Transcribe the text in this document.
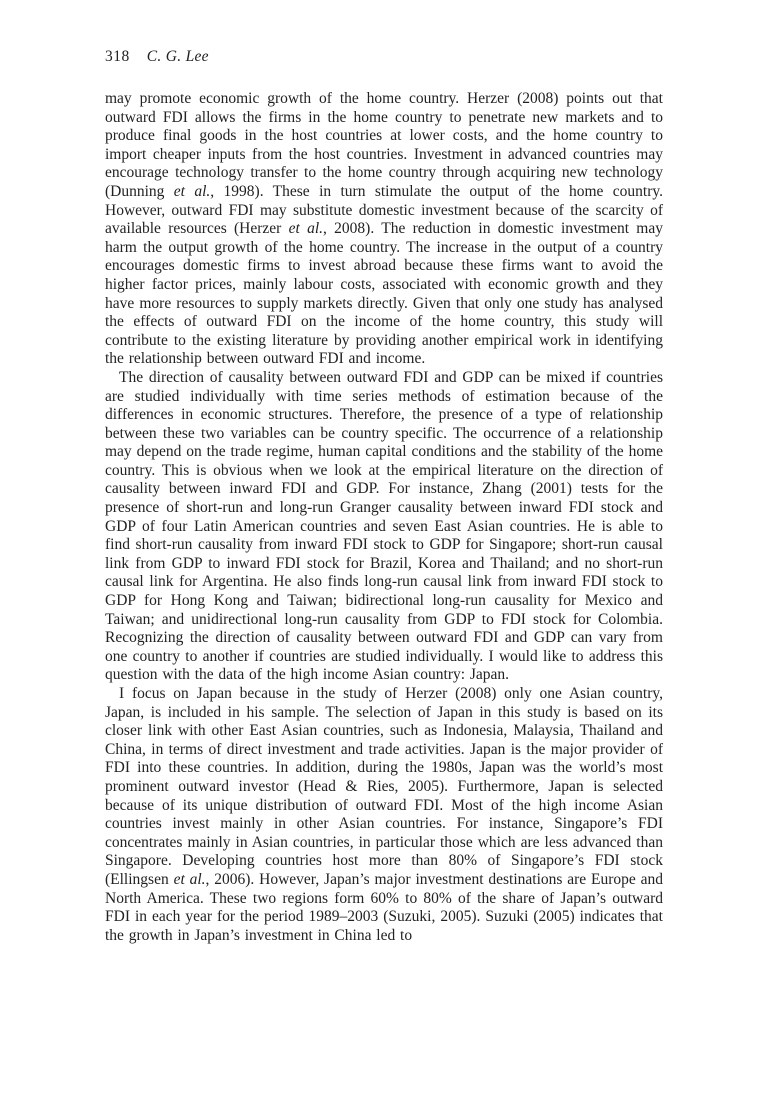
318 C. G. Lee

may promote economic growth of the home country. Herzer (2008) points out that outward FDI allows the firms in the home country to penetrate new markets and to produce final goods in the host countries at lower costs, and the home country to import cheaper inputs from the host countries. Investment in advanced countries may encourage technology transfer to the home country through acquiring new technology (Dunning et al., 1998). These in turn stimulate the output of the home country. However, outward FDI may substitute domestic investment because of the scarcity of available resources (Herzer et al., 2008). The reduction in domestic investment may harm the output growth of the home country. The increase in the output of a country encourages domestic firms to invest abroad because these firms want to avoid the higher factor prices, mainly labour costs, associated with economic growth and they have more resources to supply markets directly. Given that only one study has analysed the effects of outward FDI on the income of the home country, this study will contribute to the existing literature by providing another empirical work in identifying the relationship between outward FDI and income.

The direction of causality between outward FDI and GDP can be mixed if countries are studied individually with time series methods of estimation because of the differences in economic structures. Therefore, the presence of a type of relationship between these two variables can be country specific. The occurrence of a relationship may depend on the trade regime, human capital conditions and the stability of the home country. This is obvious when we look at the empirical literature on the direction of causality between inward FDI and GDP. For instance, Zhang (2001) tests for the presence of short-run and long-run Granger causality between inward FDI stock and GDP of four Latin American countries and seven East Asian countries. He is able to find short-run causality from inward FDI stock to GDP for Singapore; short-run causal link from GDP to inward FDI stock for Brazil, Korea and Thailand; and no short-run causal link for Argentina. He also finds long-run causal link from inward FDI stock to GDP for Hong Kong and Taiwan; bidirectional long-run causality for Mexico and Taiwan; and unidirectional long-run causality from GDP to FDI stock for Colombia. Recognizing the direction of causality between outward FDI and GDP can vary from one country to another if countries are studied individually. I would like to address this question with the data of the high income Asian country: Japan.

I focus on Japan because in the study of Herzer (2008) only one Asian country, Japan, is included in his sample. The selection of Japan in this study is based on its closer link with other East Asian countries, such as Indonesia, Malaysia, Thailand and China, in terms of direct investment and trade activities. Japan is the major provider of FDI into these countries. In addition, during the 1980s, Japan was the world’s most prominent outward investor (Head & Ries, 2005). Furthermore, Japan is selected because of its unique distribution of outward FDI. Most of the high income Asian countries invest mainly in other Asian countries. For instance, Singapore’s FDI concentrates mainly in Asian countries, in particular those which are less advanced than Singapore. Developing countries host more than 80% of Singapore’s FDI stock (Ellingsen et al., 2006). However, Japan’s major investment destinations are Europe and North America. These two regions form 60% to 80% of the share of Japan’s outward FDI in each year for the period 1989–2003 (Suzuki, 2005). Suzuki (2005) indicates that the growth in Japan’s investment in China led to
